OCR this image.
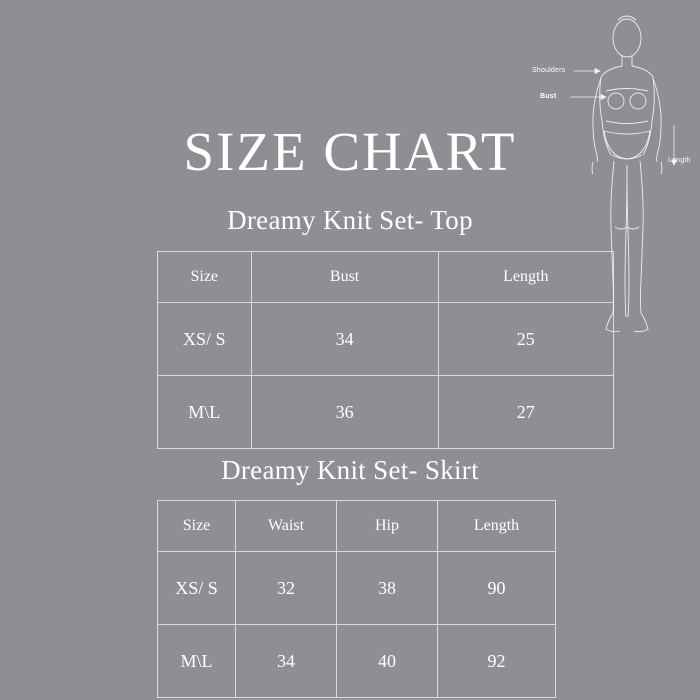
SIZE CHART
Dreamy Knit Set- Top
Size	Bust	Length
XS/ S	34	25
M\L	36	27
Dreamy Knit Set- Skirt
Size	Waist	Hip	Length
XS/ S	32	38	90
M\L	34	40	92
Shoulders
Bust
Length
